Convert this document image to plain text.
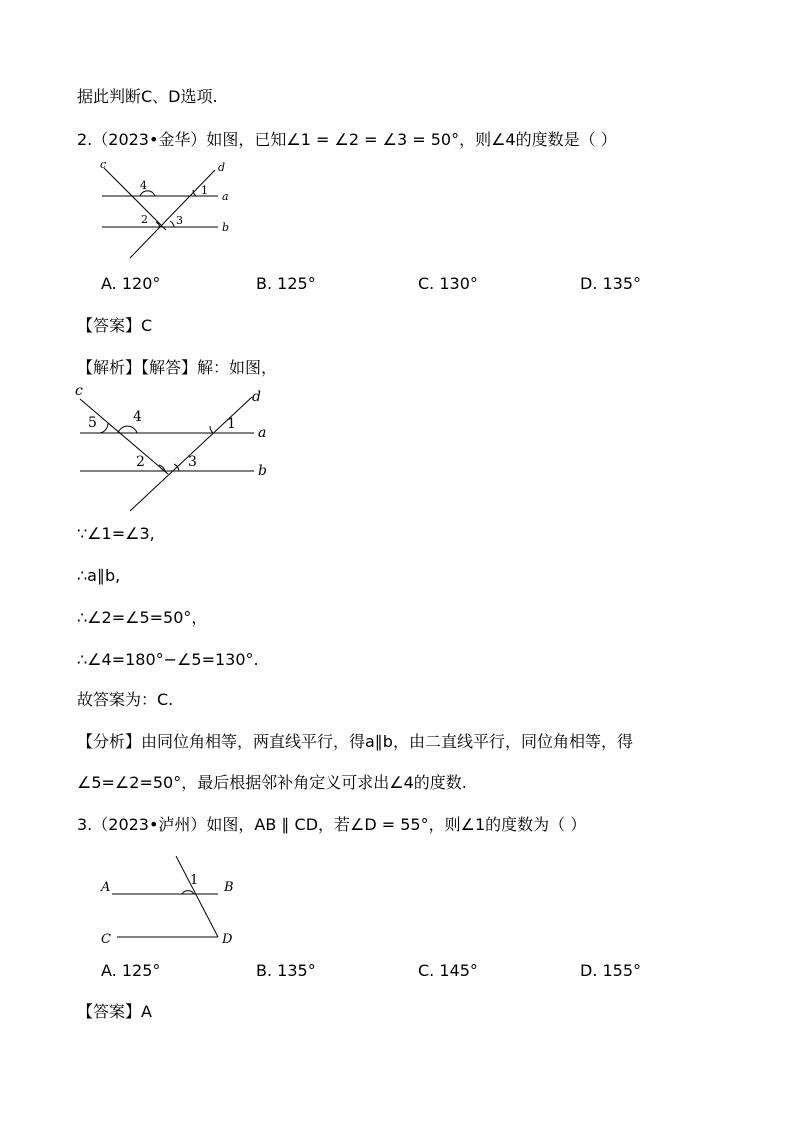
据此判断C、D选项.
2.（2023•金华）如图，已知∠1 = ∠2 = ∠3 = 50°，则∠4的度数是（ ）
c	d
a
b
4	1
2	3
A. 120°	B. 125°	C. 130°	D. 135°
【答案】C
【解析】【解答】解：如图，
c	d
a
b
5	4	1
2	3
∵∠1=∠3,
∴a∥b,
∴∠2=∠5=50°，
∴∠4=180°−∠5=130°.
故答案为：C.
【分析】由同位角相等，两直线平行，得a∥b，由二直线平行，同位角相等，得
∠5=∠2=50°，最后根据邻补角定义可求出∠4的度数.
3.（2023•泸州）如图，AB ∥ CD，若∠D = 55°，则∠1的度数为（ ）
A	B
C	D
1
A. 125°	B. 135°	C. 145°	D. 155°
【答案】A
